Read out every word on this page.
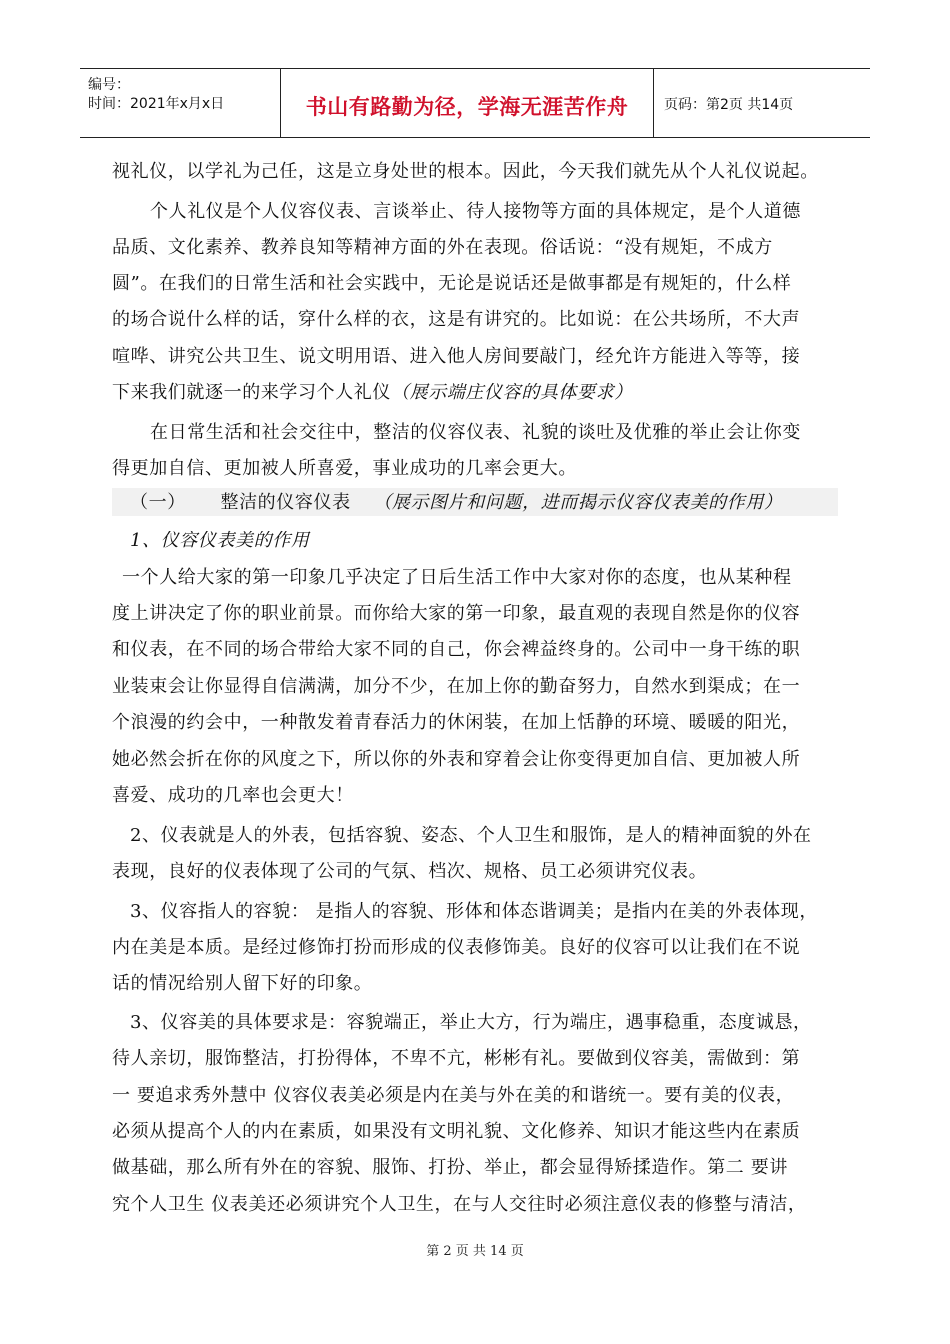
编号：
时间：2021年x月x日	书山有路勤为径，学海无涯苦作舟	页码：第2页 共14页
视礼仪，以学礼为己任，这是立身处世的根本。因此，今天我们就先从个人礼仪说起。
个人礼仪是个人仪容仪表、言谈举止、待人接物等方面的具体规定，是个人道德
品质、文化素养、教养良知等精神方面的外在表现。俗话说：“没有规矩，不成方
圆”。在我们的日常生活和社会实践中，无论是说话还是做事都是有规矩的，什么样
的场合说什么样的话，穿什么样的衣，这是有讲究的。比如说：在公共场所，不大声
喧哗、讲究公共卫生、说文明用语、进入他人房间要敲门，经允许方能进入等等，接
下来我们就逐一的来学习个人礼仪（展示端庄仪容的具体要求）
在日常生活和社会交往中，整洁的仪容仪表、礼貌的谈吐及优雅的举止会让你变
得更加自信、更加被人所喜爱，事业成功的几率会更大。
（一） 整洁的仪容仪表 （展示图片和问题，进而揭示仪容仪表美的作用）
1、仪容仪表美的作用
一个人给大家的第一印象几乎决定了日后生活工作中大家对你的态度，也从某种程
度上讲决定了你的职业前景。而你给大家的第一印象，最直观的表现自然是你的仪容
和仪表，在不同的场合带给大家不同的自己，你会裨益终身的。公司中一身干练的职
业装束会让你显得自信满满，加分不少，在加上你的勤奋努力，自然水到渠成；在一
个浪漫的约会中，一种散发着青春活力的休闲装，在加上恬静的环境、暖暖的阳光，
她必然会折在你的风度之下，所以你的外表和穿着会让你变得更加自信、更加被人所
喜爱、成功的几率也会更大！
2、仪表就是人的外表，包括容貌、姿态、个人卫生和服饰，是人的精神面貌的外在
表现，良好的仪表体现了公司的气氛、档次、规格、员工必须讲究仪表。
3、仪容指人的容貌： 是指人的容貌、形体和体态谐调美；是指内在美的外表体现，
内在美是本质。是经过修饰打扮而形成的仪表修饰美。良好的仪容可以让我们在不说
话的情况给别人留下好的印象。
3、仪容美的具体要求是：容貌端正，举止大方，行为端庄，遇事稳重，态度诚恳，
待人亲切，服饰整洁，打扮得体，不卑不亢，彬彬有礼。要做到仪容美，需做到：第
一 要追求秀外慧中 仪容仪表美必须是内在美与外在美的和谐统一。要有美的仪表，
必须从提高个人的内在素质，如果没有文明礼貌、文化修养、知识才能这些内在素质
做基础，那么所有外在的容貌、服饰、打扮、举止，都会显得矫揉造作。第二 要讲
究个人卫生 仪表美还必须讲究个人卫生，在与人交往时必须注意仪表的修整与清洁，
第 2 页 共 14 页
